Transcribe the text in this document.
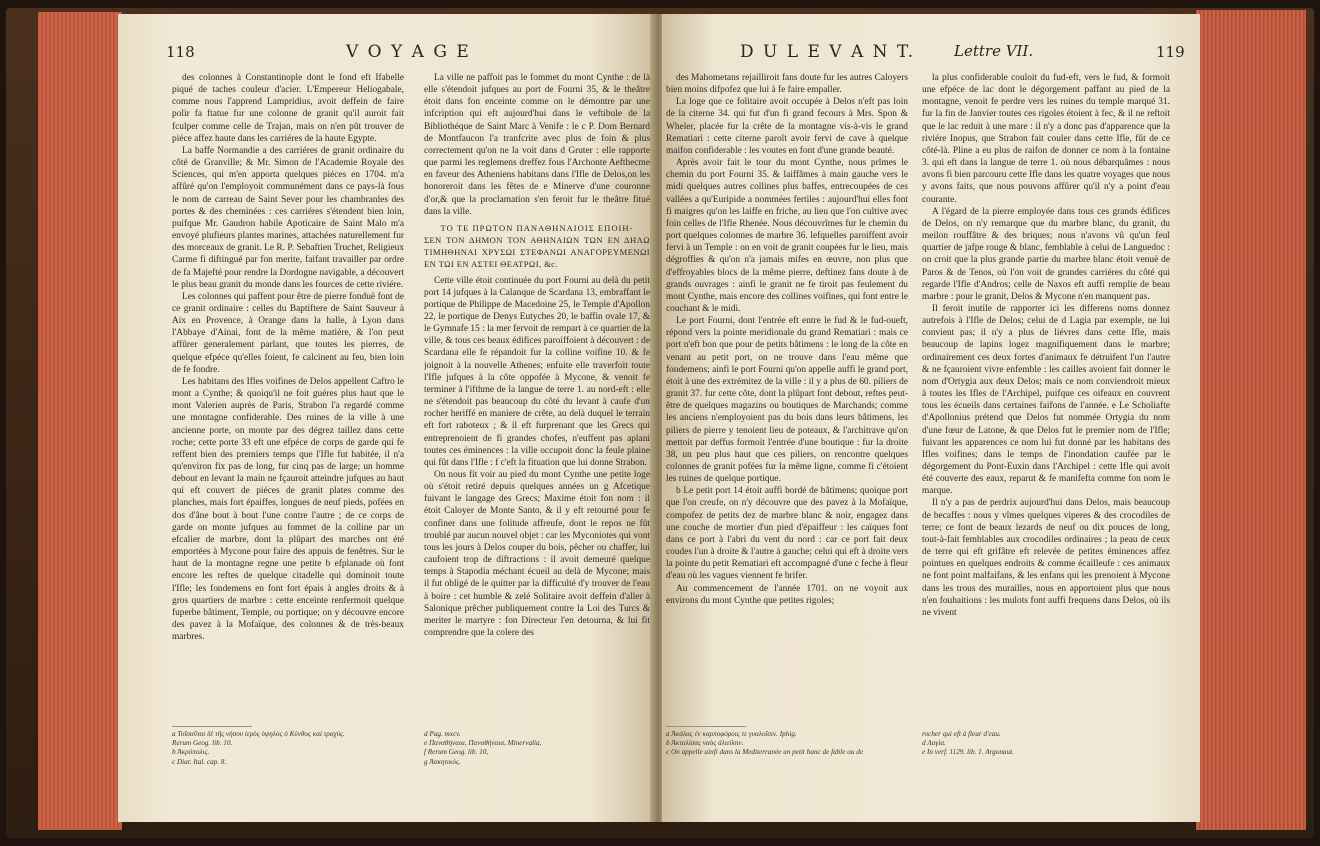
118	V O Y A G E

des colonnes à Constantinople dont le fond eft Ifabelle piqué de taches couleur d'acier. L'Empereur Heliogabale, comme nous l'apprend Lampridius, avoit deffein de faire polir fa ftatue fur une colonne de granit qu'il auroit fait fculper comme celle de Trajan, mais on n'en pût trouver de piéce affez haute dans les carriéres de la haute Egypte.

La baffe Normandie a des carriéres de granit ordinaire du côté de Granville; & Mr. Simon de l'Academie Royale des Sciences, qui m'en apporta quelques piéces en 1704. m'a affûré qu'on l'employoit communément dans ce pays-là fous le nom de carreau de Saint Sever pour les chambranles des portes & des cheminées : ces carriéres s'étendent bien loin, puifque Mr. Gaudron habile Apoticaire de Saint Malo m'a envoyé plufieurs plantes marines, attachées naturellement fur des morceaux de granit. Le R. P. Sebaftien Truchet, Religieux Carme fi diftingué par fon merite, faifant travailler par ordre de fa Majefté pour rendre la Dordogne navigable, a découvert le plus beau granit du monde dans les fources de cette riviére.

Les colonnes qui paffent pour être de pierre fonduë font de ce granit ordinaire : celles du Baptiftere de Saint Sauveur à Aix en Provence, à Orange dans la halle, à Lyon dans l'Abbaye d'Ainai, font de la même matiére, & l'on peut affûrer generalement parlant, que toutes les pierres, de quelque efpéce qu'elles foient, fe calcinent au feu, bien loin de fe fondre.

Les habitans des Ifles voifines de Delos appellent Caftro le mont a Cynthe; & quoiqu'il ne foit guéres plus haut que le mont Valerien auprès de Paris, Strabon l'a regardé comme une montagne confiderable. Des ruines de la ville à une ancienne porte, on monte par des dégrez taillez dans cette roche; cette porte 33 eft une efpéce de corps de garde qui fe reffent bien des premiers temps que l'Ifle fut habitée, il n'a qu'environ fix pas de long, fur cinq pas de large; un homme debout en levant la main ne fçauroit atteindre jufques au haut qui eft couvert de piéces de granit plates comme des planches, mais fort épaiffes, longues de neuf pieds, pofées en dos d'âne bout à bout l'une contre l'autre ; de ce corps de garde on monte jufques au fommet de la colline par un efcalier de marbre, dont la plûpart des marches ont été emportées à Mycone pour faire des appuis de fenêtres. Sur le haut de la montagne regne une petite b efplanade où font encore les reftes de quelque citadelle qui dominoit toute l'Ifle; les fondemens en font fort épais à angles droits & à gros quartiers de marbre : cette enceinte renfermoit quelque fuperbe bâtiment, Temple, ou portique; on y découvre encore des pavez à la Mofaïque, des colonnes & de très-beaux marbres.

La ville ne paffoit pas le fommet du mont Cynthe : de là elle s'étendoit jufques au port de Fourni 35, & le theâtre étoit dans fon enceinte comme on le démontre par une infcription qui eft aujourd'hui dans le veftibule de la Bibliothéque de Saint Marc à Venife : le c P. Dom Bernard de Montfaucon l'a tranfcrite avec plus de foin & plus correctement qu'on ne la voit dans d Gruter : elle rapporte que parmi les reglemens dreffez fous l'Archonte Aefthecme en faveur des Atheniens habitans dans l'Ifle de Delos,on les honoreroit dans les fêtes de e Minerve d'une couronne d'or,& que la proclamation s'en feroit fur le theâtre fitué dans la ville.

ΤΟ ΤΕ ΠΡΩΤΟΝ ΠΑΝΑΘΗΝΑΙΟΙΣ ΕΠΟΙΗ-
ΣΕΝ ΤΟΝ ΔΗΜΟΝ ΤΟΝ ΑΘΗΝΑΙΩΝ ΤΩΝ ΕΝ ΔΗΛΩ ΤΙΜΗΘΗΝΑΙ ΧΡΥΣΩΙ ΣΤΕΦΑΝΩΙ ΑΝΑΓΟΡΕΥΜΕΝΩΙ ΕΝ ΤΩΙ ΕΝ ΑΣΤΕΙ ΘΕΑΤΡΩΙ, &c.

Cette ville étoit continuée du port Fourni au delà du petit port 14 jufques à la Calanque de Scardana 13, embraffant le portique de Philippe de Macedoine 25, le Temple d'Apollon 22, le portique de Denys Eutyches 20, le baffin ovale 17, & le Gymnafe 15 : la mer fervoit de rempart à ce quartier de la ville, & tous ces beaux édifices paroiffoient à découvert : de Scardana elle fe répandoit fur la colline voifine 10. & fe joignoit à la nouvelle Athenes; enfuite elle traverfoit toute l'Ifle jufques à la côte oppofée à Mycone, & venoit fe terminer à l'ifthme de la langue de terre 1. au nord-eft : elle ne s'étendoit pas beaucoup du côté du levant à caufe d'un rocher heriffé en maniere de crête, au delà duquel le terrain eft fort raboteux ; & il eft furprenant que les Grecs qui entreprenoient de fi grandes chofes, n'euffent pas aplani toutes ces éminences : la ville occupoit donc la feule plaine qui fût dans l'Ifle : f c'eft la fituation que lui donne Strabon.

On nous fit voir au pied du mont Cynthe une petite loge où s'étoit retiré depuis quelques années un g Afcetique fuivant le langage des Grecs; Maxime étoit fon nom : il étoit Caloyer de Monte Santo, & il y eft retourné pour fe confiner dans une folitude affreufe, dont le repos ne fût troublé par aucun nouvel objet : car les Myconiotes qui vont tous les jours à Delos couper du bois, pêcher ou chaffer, lui caufoient trop de diftractions : il avoit demeuré quelque temps à Stapodia méchant écueil au delà de Mycone; mais il fut obligé de le quitter par la difficulté d'y trouver de l'eau à boire : cet humble & zelé Solitaire avoit deffein d'aller à Salonique prêcher publiquement contre la Loi des Turcs & meriter le martyre : fon Directeur l'en detourna, & lui fit comprendre que la colere des

a Τοῖσαῦται δὲ τῆς νήσου ἱερὸς ὑψηλὸς ὁ Κύνθος καὶ τραχύς.
Rerum Geog. lib. 10.
b Ἀκρόπολις.
c Diar. Ital. cap. 8.
d Pag. mxcv.
e Παναθήναια, Παναθήναια, Minervalia,
f Rerum Geog. lib. 10,
g Ἀσκητικός.
D U L E V A N T.	Lettre VII.	119

des Mahometans rejailliroit fans doute fur les autres Caloyers bien moins difpofez que lui à fe faire empaller.

La loge que ce folitaire avoit occupée à Delos n'eft pas loin de la citerne 34. qui fut d'un fi grand fecours à Mrs. Spon & Wheler, placée fur la crête de la montagne vis-à-vis le grand Rematiari : cette citerne paroît avoir fervi de cave à quelque maifon confiderable : les voutes en font d'une grande beauté.

Après avoir fait le tour du mont Cynthe, nous prîmes le chemin du port Fourni 35. & laiffâmes à main gauche vers le midi quelques autres collines plus baffes, entrecoupées de ces vallées a qu'Euripide a nommées fertiles : aujourd'hui elles font fi maigres qu'on les laiffe en friche, au lieu que l'on cultive avec foin celles de l'Ifle Rhenée. Nous découvrîmes fur le chemin du port quelques colonnes de marbre 36. lefquelles paroiffent avoir fervi à un Temple : on en voit de granit coupées fur le lieu, mais dégroffies & qu'on n'a jamais mifes en œuvre, non plus que d'effroyables blocs de la même pierre, deftinez fans doute à de grands ouvrages : ainfi le granit ne fe tiroit pas feulement du mont Cynthe, mais encore des collines voifines, qui font entre le couchant & le midi.

Le port Fourni, dont l'entrée eft entre le fud & le fud-oueft, répond vers la pointe meridionale du grand Rematiari : mais ce port n'eft bon que pour de petits bâtimens : le long de la côte en venant au petit port, on ne trouve dans l'eau même que fondemens; ainfi le port Fourni qu'on appelle auffi le grand port, étoit à une des extrémitez de la ville : il y a plus de 60. piliers de granit 37. fur cette côte, dont la plûpart font debout, reftes peut-être de quelques magazins ou boutiques de Marchands; comme les anciens n'employoient pas du bois dans leurs bâtimens, les piliers de pierre y tenoient lieu de poteaux, & l'architrave qu'on mettoit par deffus formoit l'entrée d'une boutique : fur la droite 38, un peu plus haut que ces piliers, on rencontre quelques colonnes de granit pofées fur la même ligne, comme fi c'étoient les ruines de quelque portique.

b Le petit port 14 étoit auffi bordé de bâtimens; quoique port que l'on creufe, on n'y découvre que des pavez à la Mofaïque, compofez de petits dez de marbre blanc & noir, engagez dans une couche de mortier d'un pied d'épaiffeur : les caïques font dans ce port à l'abri du vent du nord : car ce port fait deux coudes l'un à droite & l'autre à gauche; celui qui eft à droite vers la pointe du petit Rematiari eft accompagné d'une c feche à fleur d'eau où les vagues viennent fe brifer.

Au commencement de l'année 1701. on ne voyoit aux environs du mont Cynthe que petites rigoles;

la plus confiderable couloit du fud-eft, vers le fud, & formoit une efpéce de lac dont le dégorgement paffant au pied de la montagne, venoit fe perdre vers les ruines du temple marqué 31. fur la fin de Janvier toutes ces rigoles étoient à fec, & il ne reftoit que le lac reduit à une mare : il n'y a donc pas d'apparence que la riviére Inopus, que Strabon fait couler dans cette Ifle, fût de ce côté-là. Pline a eu plus de raifon de donner ce nom à la fontaine 3. qui eft dans la langue de terre 1. où nous débarquâmes : nous avons fi bien parcouru cette Ifle dans les quatre voyages que nous y avons faits, que nous pouvons affûrer qu'il n'y a point d'eau courante.

A l'égard de la pierre employée dans tous ces grands édifices de Delos, on n'y remarque que du marbre blanc, du granit, du meilon rouffâtre & des briques; nous n'avons vû qu'un feul quartier de jafpe rouge & blanc, femblable à celui de Languedoc : on croit que la plus grande partie du marbre blanc étoit venuë de Paros & de Tenos, où l'on voit de grandes carriéres du côté qui regarde l'Ifle d'Andros; celle de Naxos eft auffi remplie de beau marbre : pour le granit, Delos & Mycone n'en manquent pas.

Il feroit inutile de rapporter ici les differens noms donnez autrefois à l'Ifle de Delos; celui de d Lagia par exemple, ne lui convient pas; il n'y a plus de liévres dans cette Ifle, mais beaucoup de lapins logez magnifiquement dans le marbre; ordinairement ces deux fortes d'animaux fe détruifent l'un l'autre & ne fçauroient vivre enfemble : les cailles avoient fait donner le nom d'Ortygia aux deux Delos; mais ce nom conviendroit mieux à toutes les Ifles de l'Archipel, puifque ces oifeaux en couvrent tous les écueils dans certaines faifons de l'année. e Le Scholiafte d'Apollonius prétend que Delos fut nommée Ortygia du nom d'une fœur de Latone, & que Delos fut le premier nom de l'Ifle; fuivant les apparences ce nom lui fut donné par les habitans des Ifles voifines; dans le temps de l'inondation caufée par le dégorgement du Pont-Euxin dans l'Archipel : cette Ifle qui avoit été couverte des eaux, reparut & fe manifefta comme fon nom le marque.

Il n'y a pas de perdrix aujourd'hui dans Delos, mais beaucoup de becaffes : nous y vîmes quelques viperes & des crocodiles de terre; ce font de beaux lezards de neuf ou dix pouces de long, tout-à-fait femblables aux crocodiles ordinaires ; la peau de ceux de terre qui eft grifâtre eft relevée de petites éminences affez pointues en quelques endroits & comme écailleufe : ces animaux ne font point malfaifans, & les enfans qui les prenoient à Mycone dans les trous des murailles, nous en apportoient plus que nous n'en fouhaitions : les mulots font auffi frequens dans Delos, où ils ne vivent

a Ἀκάλας ἐν καρποφόροις τε γυαλοῖσιν. Iphig.
b Ἀκταλίσας ναὸς ἀλιεῦσιν.
c On appelle ainfi dans la Mediterranée un petit banc de fable ou de
rocher qui eft à fleur d'eau.
d Λαγία.
e In verf. 1129. lib. 1. Argonaut.
